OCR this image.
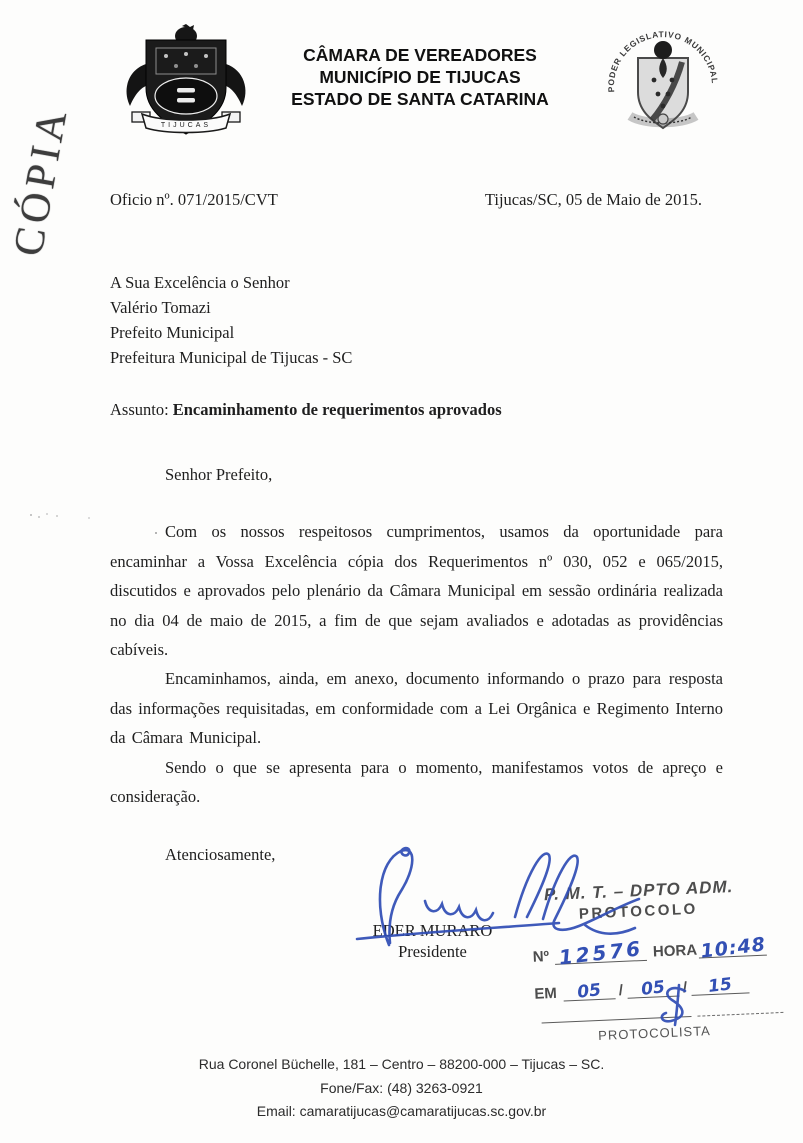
CÓPIA	TIJUCAS
CÂMARA DE VEREADORES
MUNICÍPIO DE TIJUCAS
ESTADO DE SANTA CATARINA	PODER LEGISLATIVO MUNICIPAL
Oficio nº. 071/2015/CVT	Tijucas/SC, 05 de Maio de 2015.
A Sua Excelência o Senhor
Valério Tomazi
Prefeito Municipal
Prefeitura Municipal de Tijucas - SC
Assunto: Encaminhamento de requerimentos aprovados

Senhor Prefeito,

Com os nossos respeitosos cumprimentos, usamos da oportunidade para encaminhar a Vossa Excelência cópia dos Requerimentos nº 030, 052 e 065/2015, discutidos e aprovados pelo plenário da Câmara Municipal em sessão ordinária realizada no dia 04 de maio de 2015, a fim de que sejam avaliados e adotadas as providências cabíveis.

Encaminhamos, ainda, em anexo, documento informando o prazo para resposta das informações requisitadas, em conformidade com a Lei Orgânica e Regimento Interno da Câmara Municipal.

Sendo o que se apresenta para o momento, manifestamos votos de apreço e consideração.

Atenciosamente,
EDER MURARO
Presidente
P. M. T. – DPTO ADM.
PROTOCOLO
Nº 12576 HORA 10:48
EM	05	/ 05	/	15
PROTOCOLISTA
Rua Coronel Büchelle, 181 – Centro – 88200-000 – Tijucas – SC.
Fone/Fax: (48) 3263-0921
Email: camaratijucas@camaratijucas.sc.gov.br
